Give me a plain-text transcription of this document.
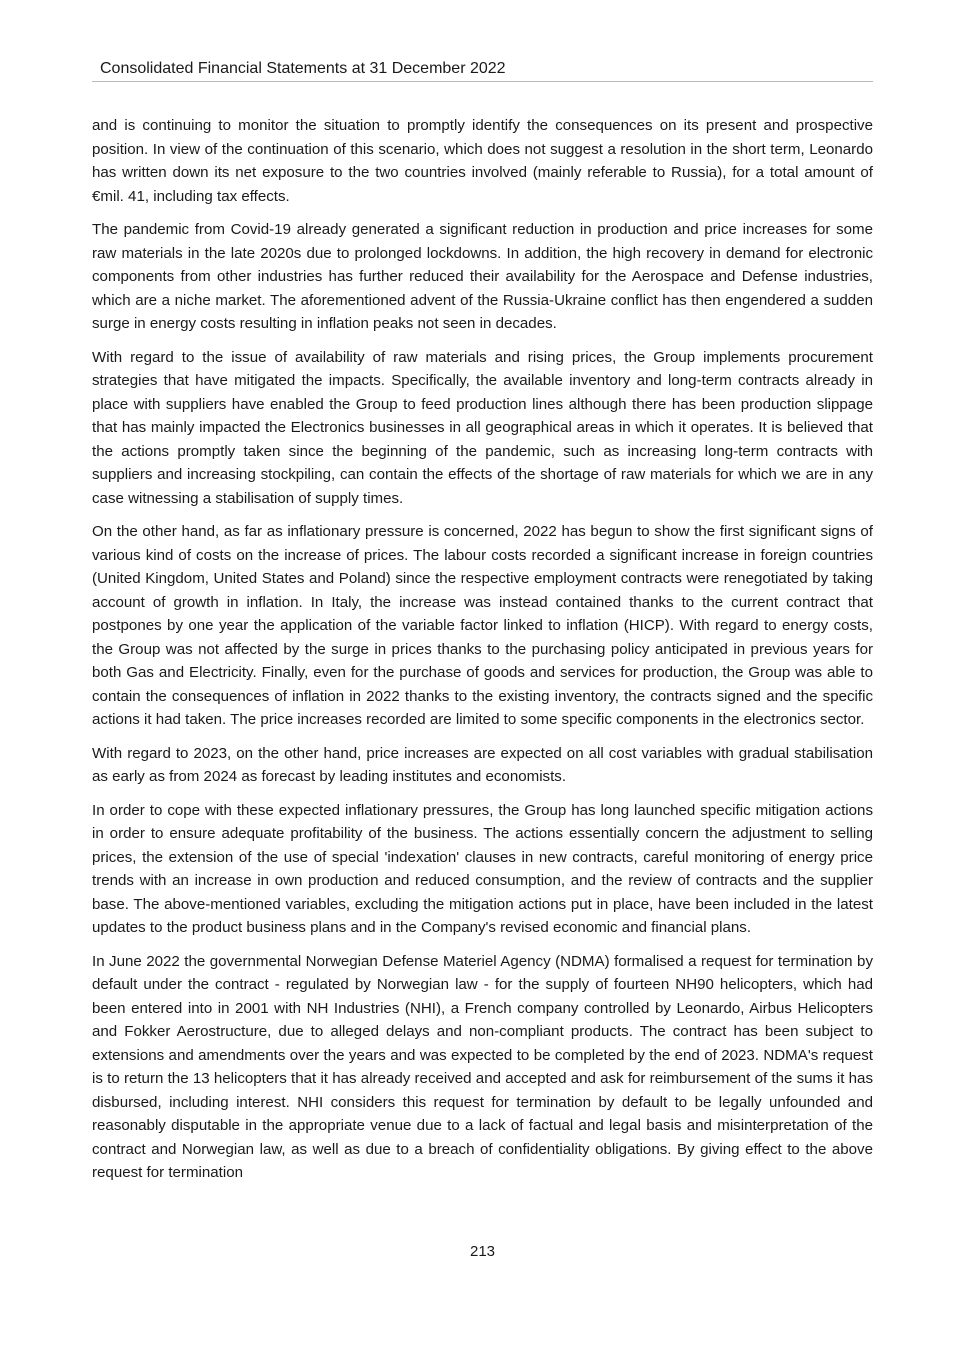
Consolidated Financial Statements at 31 December 2022

and is continuing to monitor the situation to promptly identify the consequences on its present and prospective position. In view of the continuation of this scenario, which does not suggest a resolution in the short term, Leonardo has written down its net exposure to the two countries involved (mainly referable to Russia), for a total amount of €mil. 41, including tax effects.

The pandemic from Covid-19 already generated a significant reduction in production and price increases for some raw materials in the late 2020s due to prolonged lockdowns. In addition, the high recovery in demand for electronic components from other industries has further reduced their availability for the Aerospace and Defense industries, which are a niche market. The aforementioned advent of the Russia-Ukraine conflict has then engendered a sudden surge in energy costs resulting in inflation peaks not seen in decades.

With regard to the issue of availability of raw materials and rising prices, the Group implements procurement strategies that have mitigated the impacts. Specifically, the available inventory and long-term contracts already in place with suppliers have enabled the Group to feed production lines although there has been production slippage that has mainly impacted the Electronics businesses in all geographical areas in which it operates. It is believed that the actions promptly taken since the beginning of the pandemic, such as increasing long-term contracts with suppliers and increasing stockpiling, can contain the effects of the shortage of raw materials for which we are in any case witnessing a stabilisation of supply times.

On the other hand, as far as inflationary pressure is concerned, 2022 has begun to show the first significant signs of various kind of costs on the increase of prices. The labour costs recorded a significant increase in foreign countries (United Kingdom, United States and Poland) since the respective employment contracts were renegotiated by taking account of growth in inflation. In Italy, the increase was instead contained thanks to the current contract that postpones by one year the application of the variable factor linked to inflation (HICP). With regard to energy costs, the Group was not affected by the surge in prices thanks to the purchasing policy anticipated in previous years for both Gas and Electricity. Finally, even for the purchase of goods and services for production, the Group was able to contain the consequences of inflation in 2022 thanks to the existing inventory, the contracts signed and the specific actions it had taken. The price increases recorded are limited to some specific components in the electronics sector.

With regard to 2023, on the other hand, price increases are expected on all cost variables with gradual stabilisation as early as from 2024 as forecast by leading institutes and economists.

In order to cope with these expected inflationary pressures, the Group has long launched specific mitigation actions in order to ensure adequate profitability of the business. The actions essentially concern the adjustment to selling prices, the extension of the use of special 'indexation' clauses in new contracts, careful monitoring of energy price trends with an increase in own production and reduced consumption, and the review of contracts and the supplier base. The above-mentioned variables, excluding the mitigation actions put in place, have been included in the latest updates to the product business plans and in the Company's revised economic and financial plans.

In June 2022 the governmental Norwegian Defense Materiel Agency (NDMA) formalised a request for termination by default under the contract - regulated by Norwegian law - for the supply of fourteen NH90 helicopters, which had been entered into in 2001 with NH Industries (NHI), a French company controlled by Leonardo, Airbus Helicopters and Fokker Aerostructure, due to alleged delays and non-compliant products. The contract has been subject to extensions and amendments over the years and was expected to be completed by the end of 2023. NDMA's request is to return the 13 helicopters that it has already received and accepted and ask for reimbursement of the sums it has disbursed, including interest. NHI considers this request for termination by default to be legally unfounded and reasonably disputable in the appropriate venue due to a lack of factual and legal basis and misinterpretation of the contract and Norwegian law, as well as due to a breach of confidentiality obligations. By giving effect to the above request for termination

213
